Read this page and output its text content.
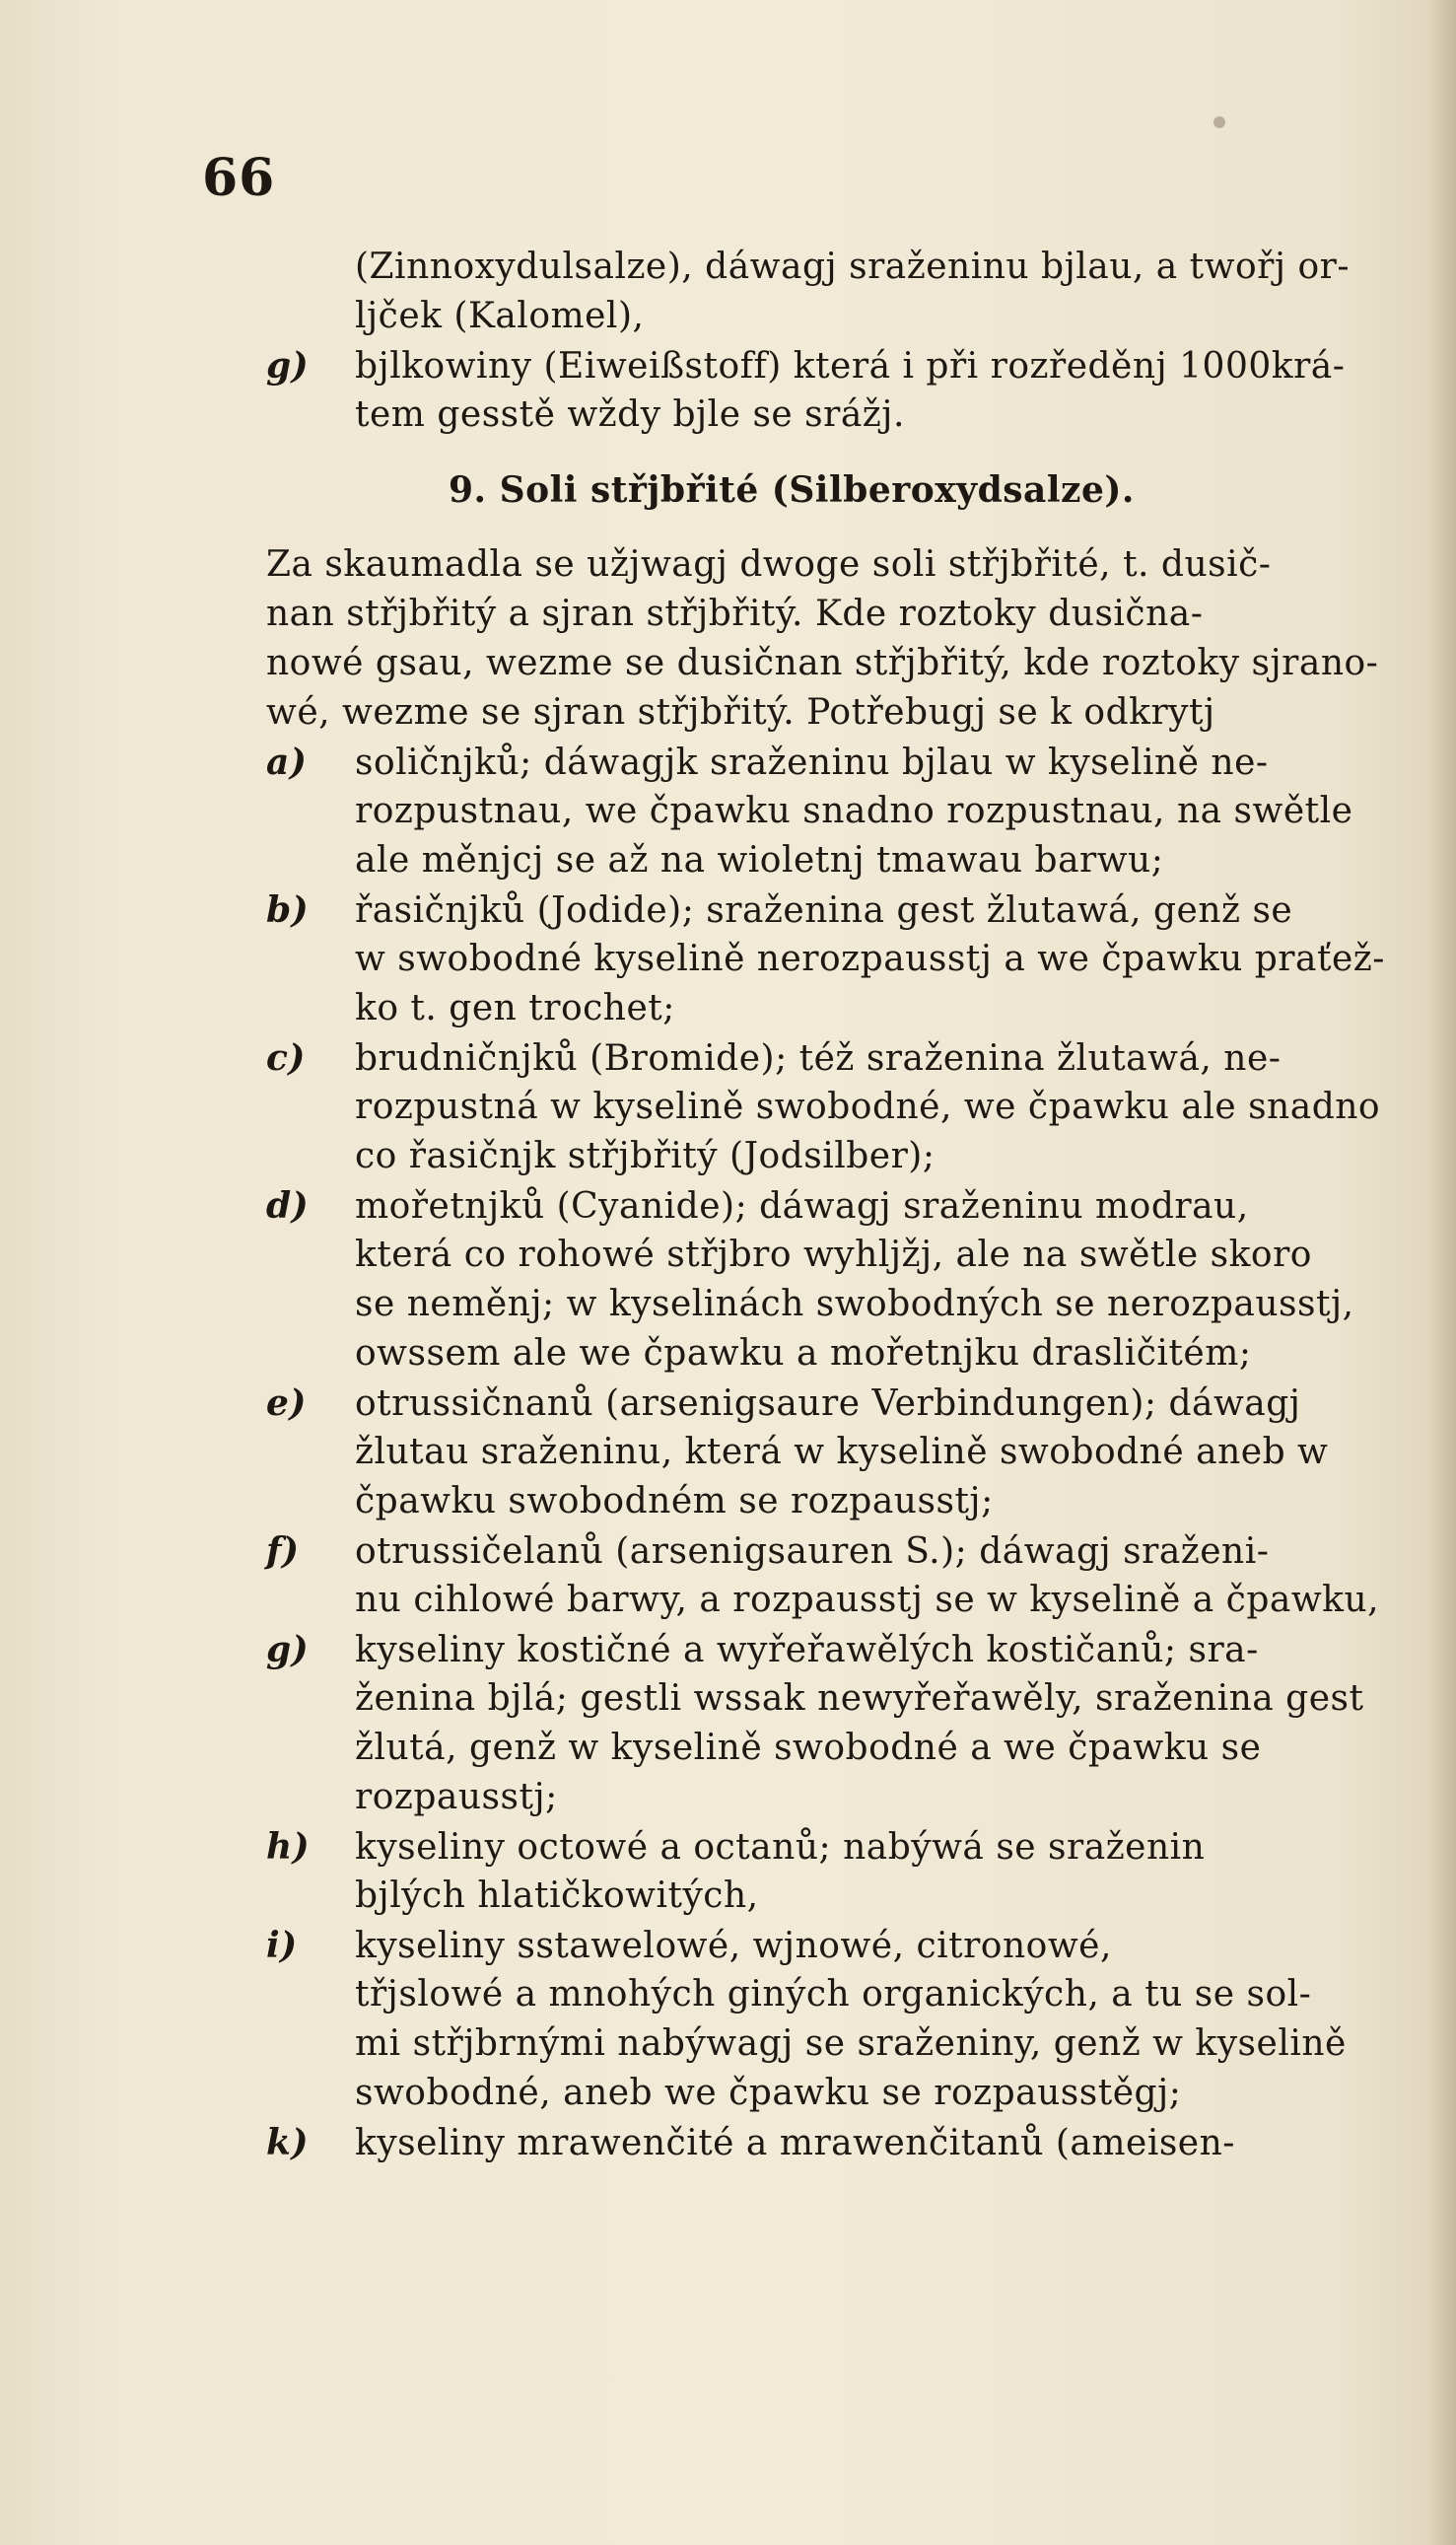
66
(Zinnoxydulsalze), dáwagj sraženinu bjlau, a twořj or-
ljček (Kalomel),
g) bjlkowiny (Eiweißstoff) která i při rozředěnj 1000krá-
tem gesstě wždy bjle se srážj.
9. Soli střjbřité (Silberoxydsalze).
Za skaumadla se užjwagj dwoge soli střjbřité, t. dusič-
nan střjbřitý a sjran střjbřitý. Kde roztoky dusična-
nowé gsau, wezme se dusičnan střjbřitý, kde roztoky sjrano-
wé, wezme se sjran střjbřitý. Potřebugj se k odkrytj
a) soličnjků; dáwagjk sraženinu bjlau w kyselině ne-
rozpustnau, we čpawku snadno rozpustnau, na swětle
ale měnjcj se až na wioletnj tmawau barwu;
b) řasičnjků (Jodide); sraženina gest žlutawá, genž se
w swobodné kyselině nerozpausstj a we čpawku praťež-
ko t. gen trochet;
c) brudničnjků (Bromide); též sraženina žlutawá, ne-
rozpustná w kyselině swobodné, we čpawku ale snadno
co řasičnjk střjbřitý (Jodsilber);
d) mořetnjků (Cyanide); dáwagj sraženinu modrau,
která co rohowé střjbro wyhljžj, ale na swětle skoro
se neměnj; w kyselinách swobodných se nerozpausstj,
owssem ale we čpawku a mořetnjku drasličitém;
e) otrussičnanů (arsenigsaure Verbindungen); dáwagj
žlutau sraženinu, která w kyselině swobodné aneb w
čpawku swobodném se rozpausstj;
f) otrussičelanů (arsenigsauren S.); dáwagj sraženi-
nu cihlowé barwy, a rozpausstj se w kyselině a čpawku,
g) kyseliny kostičné a wyřeřawělých kostičanů; sra-
ženina bjlá; gestli wssak newyřeřawěly, sraženina gest
žlutá, genž w kyselině swobodné a we čpawku se
rozpausstj;
h) kyseliny octowé a octanů; nabýwá se sraženin
bjlých hlatičkowitých,
i) kyseliny sstawelowé, wjnowé, citronowé,
třjslowé a mnohých giných organických, a tu se sol-
mi střjbrnými nabýwagj se sraženiny, genž w kyselině
swobodné, aneb we čpawku se rozpausstěgj;
k) kyseliny mrawenčité a mrawenčitanů (ameisen-
